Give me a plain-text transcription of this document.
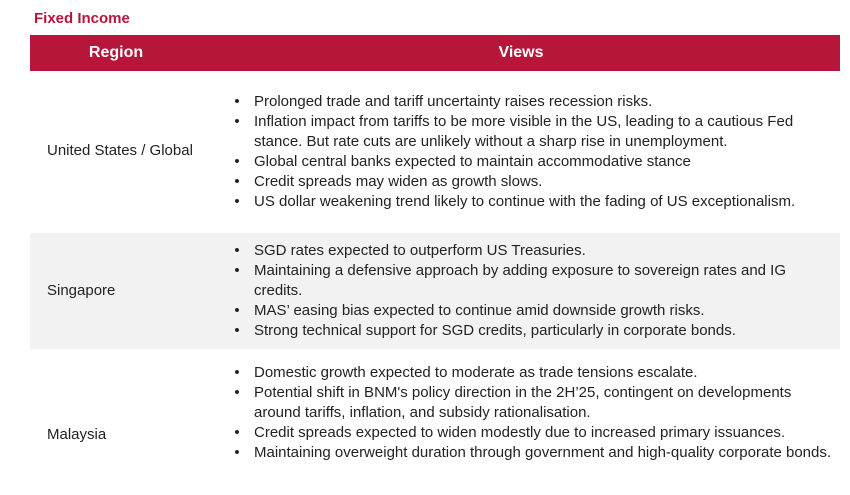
Fixed Income
Region	Views
United States / Global
• Prolonged trade and tariff uncertainty raises recession risks.
• Inflation impact from tariffs to be more visible in the US, leading to a cautious Fed stance. But rate cuts are unlikely without a sharp rise in unemployment.
• Global central banks expected to maintain accommodative stance
• Credit spreads may widen as growth slows.
• US dollar weakening trend likely to continue with the fading of US exceptionalism.
Singapore
• SGD rates expected to outperform US Treasuries.
• Maintaining a defensive approach by adding exposure to sovereign rates and IG credits.
• MAS’ easing bias expected to continue amid downside growth risks.
• Strong technical support for SGD credits, particularly in corporate bonds.
Malaysia
• Domestic growth expected to moderate as trade tensions escalate.
• Potential shift in BNM's policy direction in the 2H’25, contingent on developments around tariffs, inflation, and subsidy rationalisation.
• Credit spreads expected to widen modestly due to increased primary issuances.
• Maintaining overweight duration through government and high-quality corporate bonds.
